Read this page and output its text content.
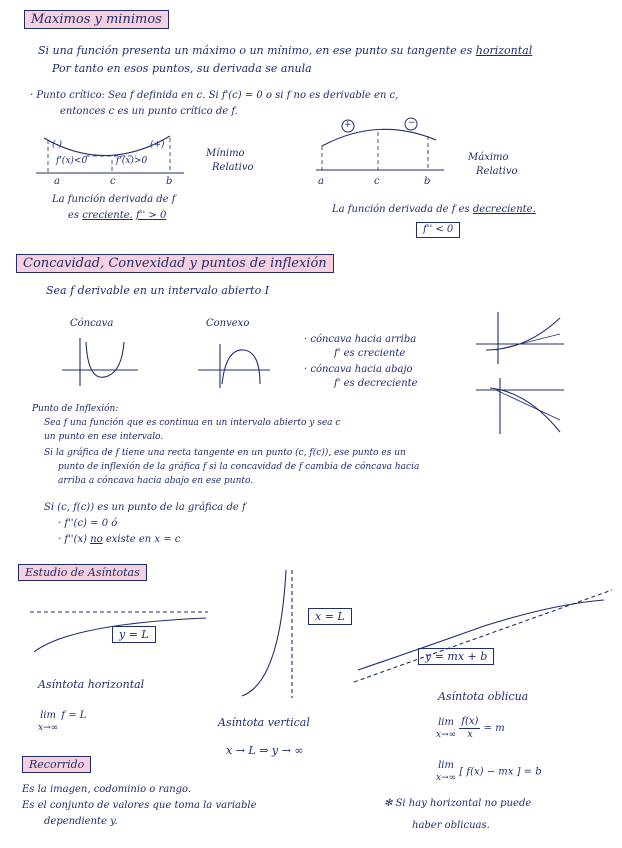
Maximos y minimos
Si una función presenta un máximo o un mínimo, en ese punto su tangente es horizontal
Por tanto en esos puntos, su derivada se anula
· Punto crítico: Sea f definida en c. Si f'(c) = 0 o si f no es derivable en c,
entonces c es un punto crítico de f.
(-)	(+)
f'(x)<0	f'(x)>0
a	c	b
Mínimo
Relativo
La función derivada de f
es creciente. f'' > 0
+	−
a	c	b
Máximo
Relativo
La función derivada de f es decreciente.
f'' < 0
Concavidad, Convexidad y puntos de inflexión
Sea f derivable en un intervalo abierto I
Cóncava	Convexo
· cóncava hacia arriba
f' es creciente
· cóncava hacia abajo
f' es decreciente
Punto de Inflexión:
Sea f una función que es continua en un intervalo abierto y sea c
un punto en ese intervalo.
Si la gráfica de f tiene una recta tangente en un punto (c, f(c)), ese punto es un
punto de inflexión de la gráfica f si la concavidad de f cambia de cóncava hacia
arriba a cóncava hacia abajo en ese punto.
Si (c, f(c)) es un punto de la gráfica de f
· f''(c) = 0 ó
· f''(x) no existe en x = c
Estudio de Asíntotas
y = L
Asíntota horizontal
lim
x→∞ f = L
x = L
Asíntota vertical
x → L ⇒ y → ∞
y = mx + b
Asíntota oblicua
lim
$x\to\infty \frac{f(x)}{x} = m$
lim
x→∞ [ f(x) − mx ] = b
✻ Si hay horizontal no puede
haber oblicuas.
Recorrido
Es la imagen, codominio o rango.
Es el conjunto de valores que toma la variable
dependiente y.
